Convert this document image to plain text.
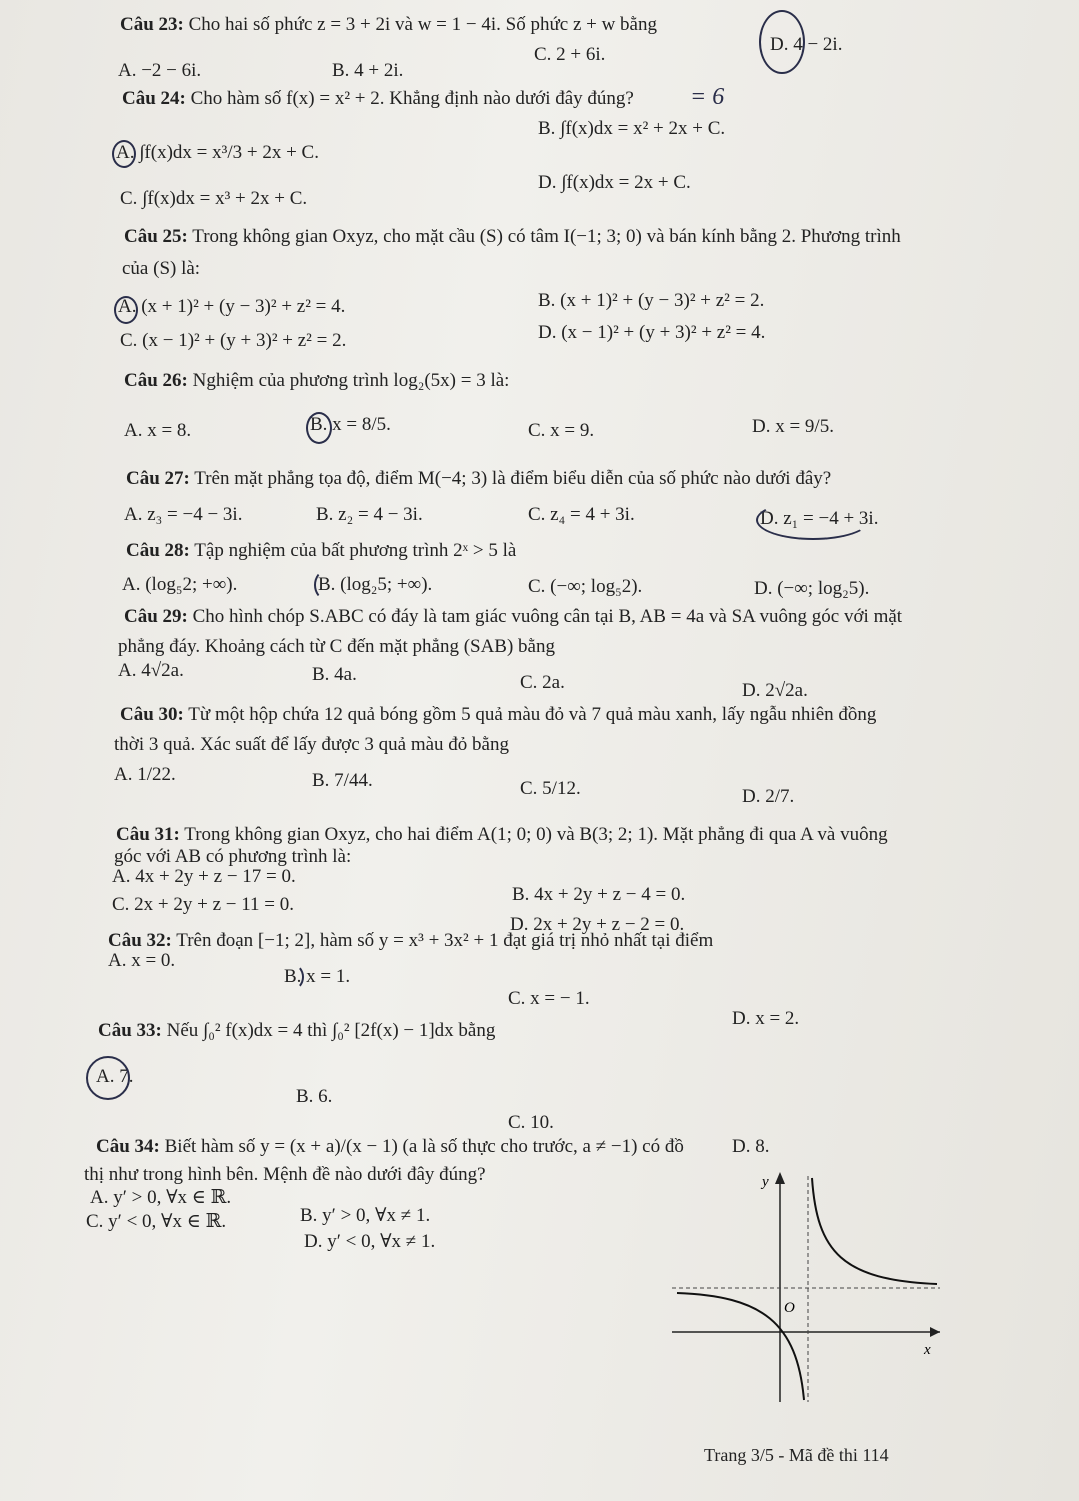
Câu 23: Cho hai số phức z = 3 + 2i và w = 1 − 4i. Số phức z + w bằng
A. −2 − 6i.	B. 4 + 2i.
C. 2 + 6i.	D. 4 − 2i.
Câu 24: Cho hàm số f(x) = x² + 2. Khẳng định nào dưới đây đúng? = 6
A. ∫f(x)dx = x³/3 + 2x + C.
B. ∫f(x)dx = x² + 2x + C.
C. ∫f(x)dx = x³ + 2x + C.
D. ∫f(x)dx = 2x + C.
Câu 25: Trong không gian Oxyz, cho mặt cầu (S) có tâm I(−1; 3; 0) và bán kính bằng 2. Phương trình
của (S) là:
A. (x + 1)² + (y − 3)² + z² = 4.	B. (x + 1)² + (y − 3)² + z² = 2.
C. (x − 1)² + (y + 3)² + z² = 2.	D. (x − 1)² + (y + 3)² + z² = 4.
Câu 26: Nghiệm của phương trình log₂(5x) = 3 là:
A. x = 8.	B. x = 8/5.	C. x = 9.	D. x = 9/5.
Câu 27: Trên mặt phẳng tọa độ, điểm M(−4; 3) là điểm biểu diễn của số phức nào dưới đây?
A. z₃ = −4 − 3i.	B. z₂ = 4 − 3i.	C. z₄ = 4 + 3i.	D. z₁ = −4 + 3i.
Câu 28: Tập nghiệm của bất phương trình 2ˣ > 5 là
A. (log₅2; +∞).	B. (log₂5; +∞).	C. (−∞; log₅2).	D. (−∞; log₂5).
Câu 29: Cho hình chóp S.ABC có đáy là tam giác vuông cân tại B, AB = 4a và SA vuông góc với mặt
phẳng đáy. Khoảng cách từ C đến mặt phẳng (SAB) bằng
A. 4√2a.	B. 4a.	C. 2a.	D. 2√2a.
Câu 30: Từ một hộp chứa 12 quả bóng gồm 5 quả màu đỏ và 7 quả màu xanh, lấy ngẫu nhiên đồng
thời 3 quả. Xác suất để lấy được 3 quả màu đỏ bằng
A. 1/22.	B. 7/44.	C. 5/12.	D. 2/7.
Câu 31: Trong không gian Oxyz, cho hai điểm A(1; 0; 0) và B(3; 2; 1). Mặt phẳng đi qua A và vuông
góc với AB có phương trình là:
A. 4x + 2y + z − 17 = 0.
B. 4x + 2y + z − 4 = 0.
C. 2x + 2y + z − 11 = 0.
D. 2x + 2y + z − 2 = 0.
Câu 32: Trên đoạn [−1; 2], hàm số y = x³ + 3x² + 1 đạt giá trị nhỏ nhất tại điểm
A. x = 0.
B. x = 1.
C. x = − 1.
D. x = 2.
Câu 33: Nếu ∫₀² f(x)dx = 4 thì ∫₀² [2f(x) − 1]dx bằng
A. 7.
B. 6.
C. 10.
D. 8.
Câu 34: Biết hàm số y = (x + a)/(x − 1) (a là số thực cho trước, a ≠ −1) có đồ
thị như trong hình bên. Mệnh đề nào dưới đây đúng?
A. y′ > 0, ∀x ∈ ℝ.
B. y′ > 0, ∀x ≠ 1.
C. y′ < 0, ∀x ∈ ℝ.
D. y′ < 0, ∀x ≠ 1.
y
x
O
Trang 3/5 - Mã đề thi 114
